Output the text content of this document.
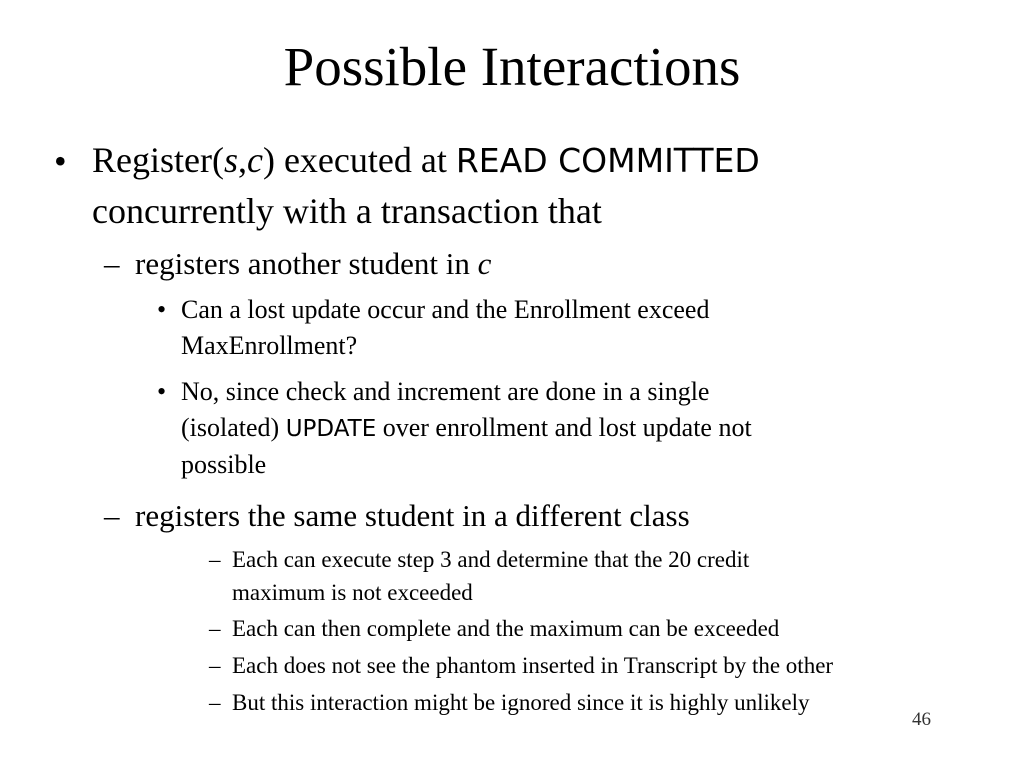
Possible Interactions
• Register(s,c) executed at READ COMMITTED
concurrently with a transaction that
– registers another student in c
• Can a lost update occur and the Enrollment exceed
MaxEnrollment?
• No, since check and increment are done in a single
(isolated) UPDATE over enrollment and lost update not
possible
– registers the same student in a different class
– Each can execute step 3 and determine that the 20 credit
maximum is not exceeded
– Each can then complete and the maximum can be exceeded
– Each does not see the phantom inserted in Transcript by the other
– But this interaction might be ignored since it is highly unlikely
46
